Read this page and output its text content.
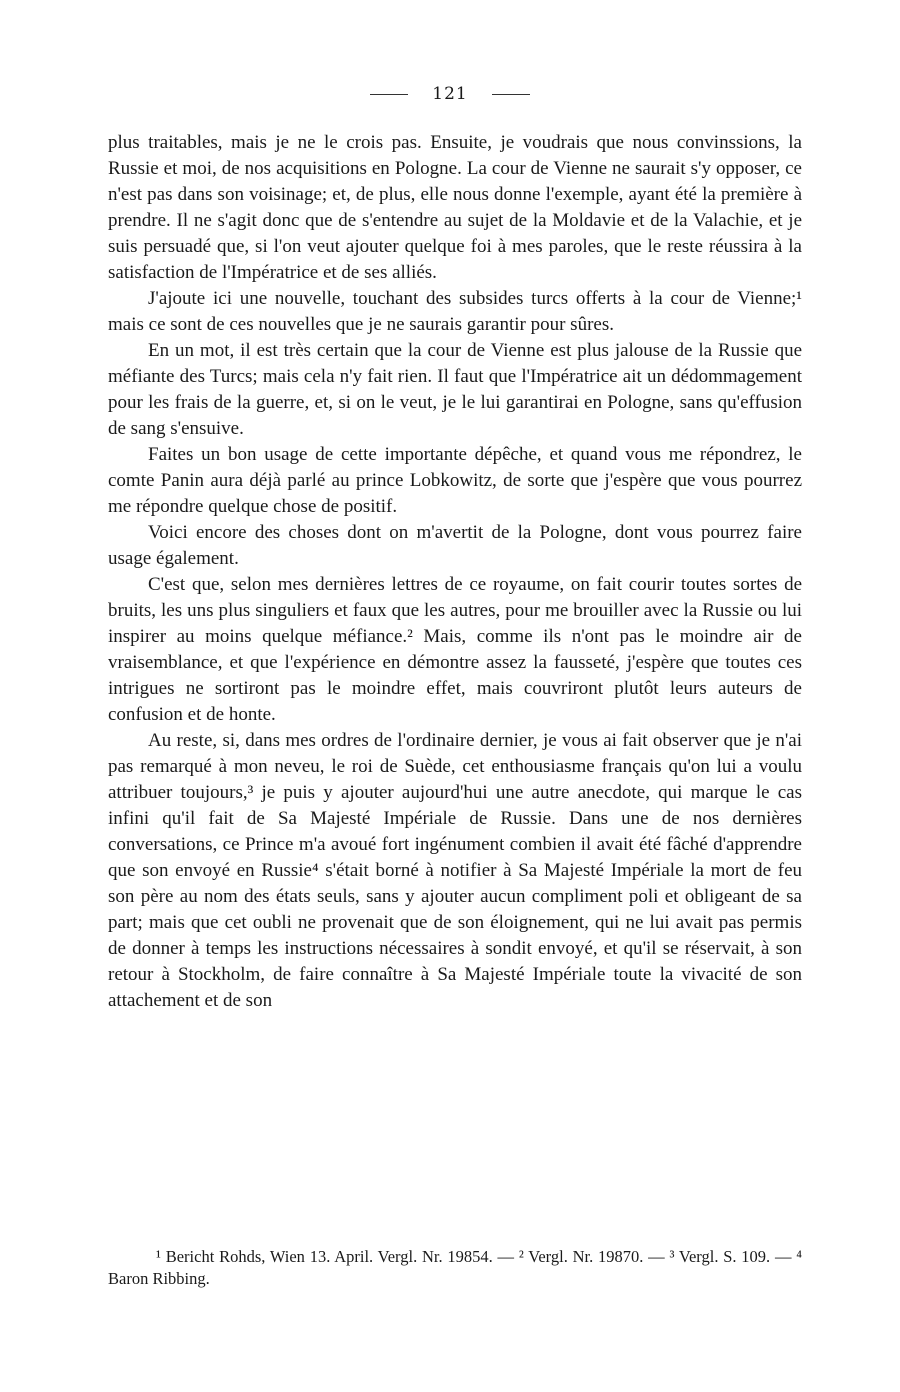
121

plus traitables, mais je ne le crois pas. Ensuite, je voudrais que nous convinssions, la Russie et moi, de nos acquisitions en Pologne. La cour de Vienne ne saurait s'y opposer, ce n'est pas dans son voisinage; et, de plus, elle nous donne l'exemple, ayant été la première à prendre. Il ne s'agit donc que de s'entendre au sujet de la Moldavie et de la Valachie, et je suis persuadé que, si l'on veut ajouter quelque foi à mes paroles, que le reste réussira à la satisfaction de l'Impératrice et de ses alliés.

J'ajoute ici une nouvelle, touchant des subsides turcs offerts à la cour de Vienne;¹ mais ce sont de ces nouvelles que je ne saurais garantir pour sûres.

En un mot, il est très certain que la cour de Vienne est plus jalouse de la Russie que méfiante des Turcs; mais cela n'y fait rien. Il faut que l'Impératrice ait un dédommagement pour les frais de la guerre, et, si on le veut, je le lui garantirai en Pologne, sans qu'effusion de sang s'ensuive.

Faites un bon usage de cette importante dépêche, et quand vous me répondrez, le comte Panin aura déjà parlé au prince Lobkowitz, de sorte que j'espère que vous pourrez me répondre quelque chose de positif.

Voici encore des choses dont on m'avertit de la Pologne, dont vous pourrez faire usage également.

C'est que, selon mes dernières lettres de ce royaume, on fait courir toutes sortes de bruits, les uns plus singuliers et faux que les autres, pour me brouiller avec la Russie ou lui inspirer au moins quelque méfiance.² Mais, comme ils n'ont pas le moindre air de vraisemblance, et que l'expérience en démontre assez la fausseté, j'espère que toutes ces intrigues ne sortiront pas le moindre effet, mais couvriront plutôt leurs auteurs de confusion et de honte.

Au reste, si, dans mes ordres de l'ordinaire dernier, je vous ai fait observer que je n'ai pas remarqué à mon neveu, le roi de Suède, cet enthousiasme français qu'on lui a voulu attribuer toujours,³ je puis y ajouter aujourd'hui une autre anecdote, qui marque le cas infini qu'il fait de Sa Majesté Impériale de Russie. Dans une de nos dernières conversations, ce Prince m'a avoué fort ingénument combien il avait été fâché d'apprendre que son envoyé en Russie⁴ s'était borné à notifier à Sa Majesté Impériale la mort de feu son père au nom des états seuls, sans y ajouter aucun compliment poli et obligeant de sa part; mais que cet oubli ne provenait que de son éloignement, qui ne lui avait pas permis de donner à temps les instructions nécessaires à sondit envoyé, et qu'il se réservait, à son retour à Stockholm, de faire connaître à Sa Majesté Impériale toute la vivacité de son attachement et de son

¹ Bericht Rohds, Wien 13. April. Vergl. Nr. 19854. — ² Vergl. Nr. 19870. — ³ Vergl. S. 109. — ⁴ Baron Ribbing.
